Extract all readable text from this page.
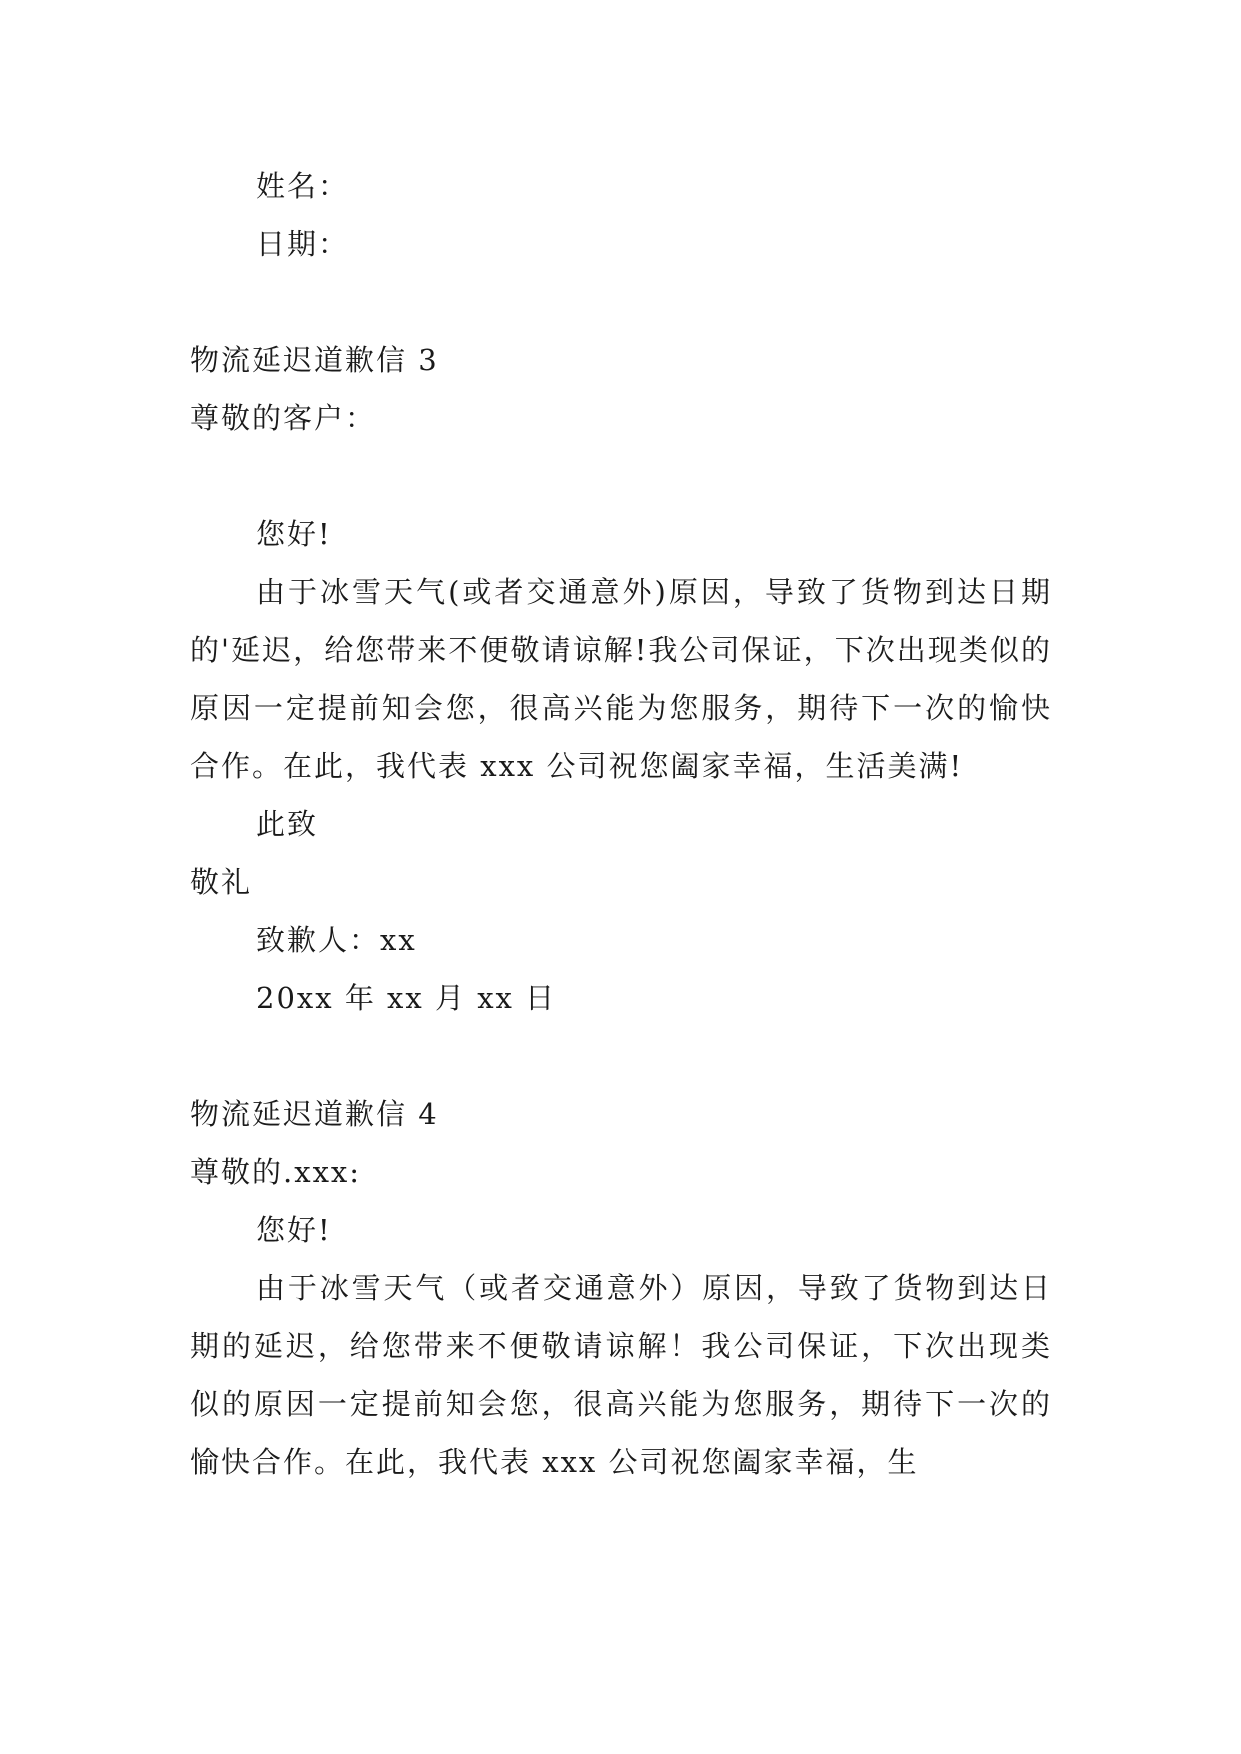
姓名：
日期：
物流延迟道歉信 3
尊敬的客户：
您好!
由于冰雪天气(或者交通意外)原因，导致了货物到达日期的'延迟，给您带来不便敬请谅解!我公司保证，下次出现类似的原因一定提前知会您，很高兴能为您服务，期待下一次的愉快合作。在此，我代表 xxx 公司祝您阖家幸福，生活美满!
此致
敬礼
致歉人：xx
20xx 年 xx 月 xx 日
物流延迟道歉信 4
尊敬的.xxx:
您好!
由于冰雪天气（或者交通意外）原因，导致了货物到达日期的延迟，给您带来不便敬请谅解！我公司保证，下次出现类似的原因一定提前知会您，很高兴能为您服务，期待下一次的愉快合作。在此，我代表 xxx 公司祝您阖家幸福，生
